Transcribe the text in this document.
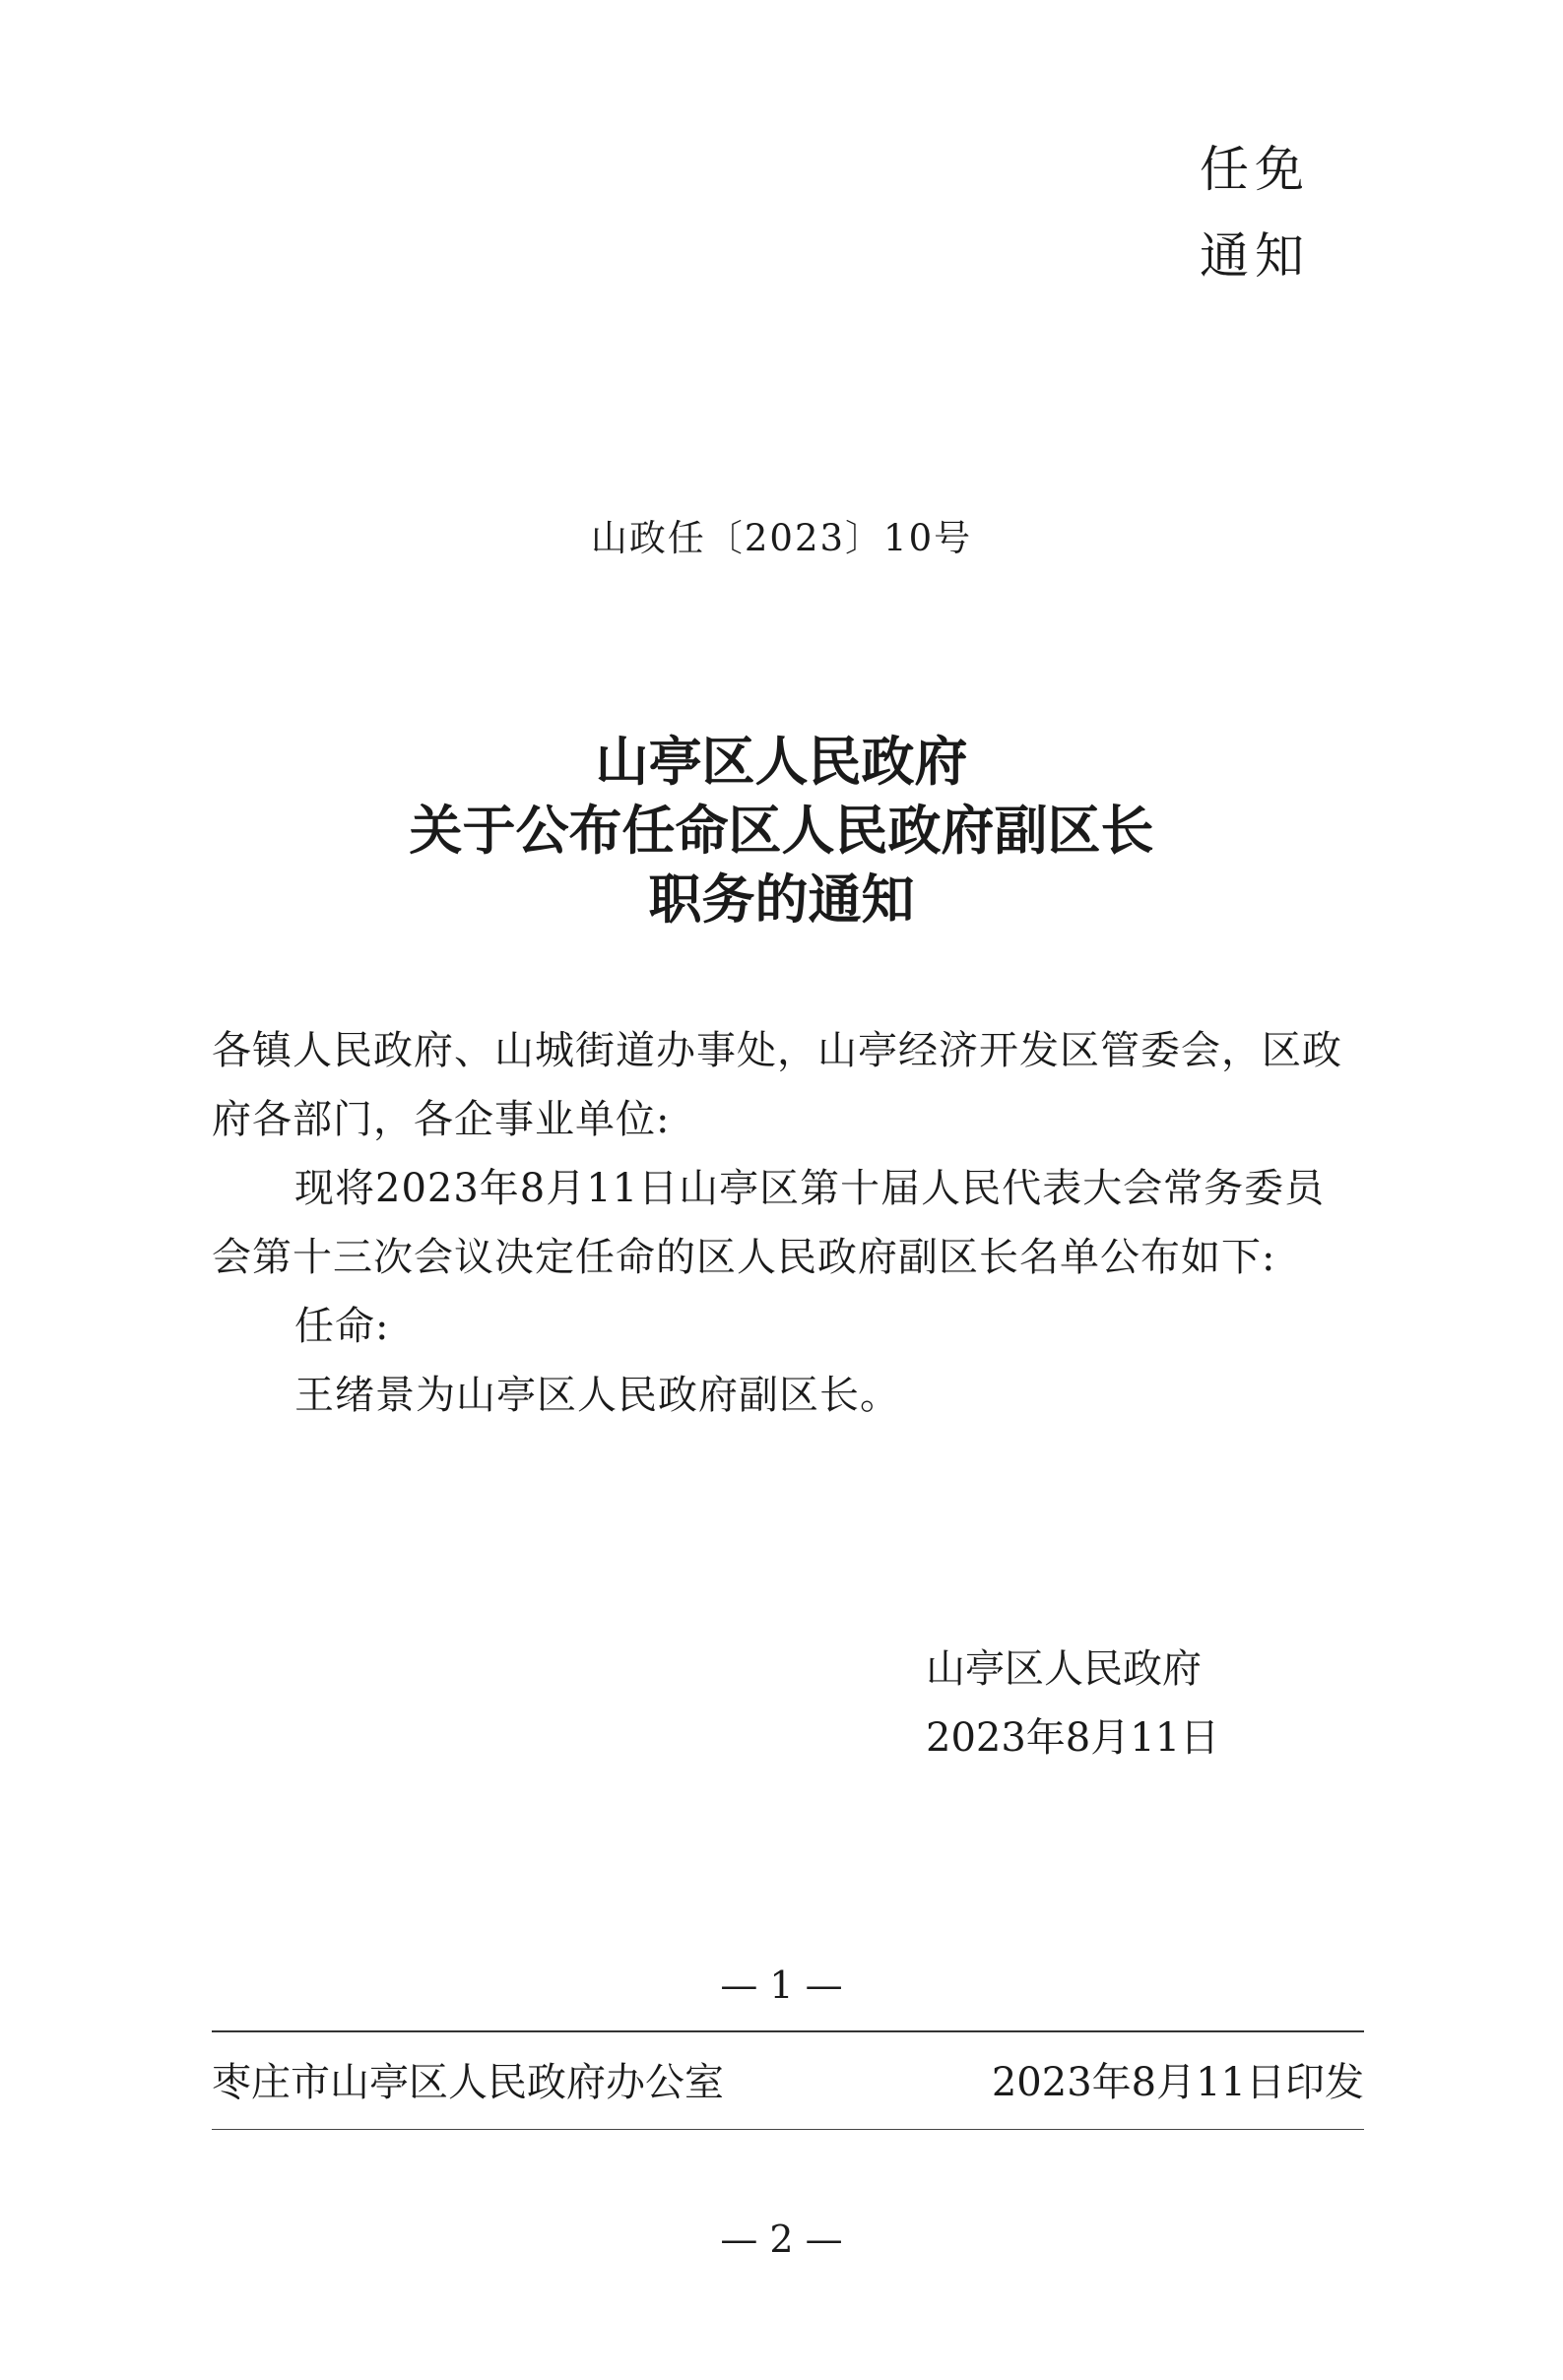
任免
通知
山政任〔2023〕10号
山亭区人民政府
关于公布任命区人民政府副区长
职务的通知

各镇人民政府、山城街道办事处，山亭经济开发区管委会，区政府各部门，各企事业单位:

现将2023年8月11日山亭区第十届人民代表大会常务委员会第十三次会议决定任命的区人民政府副区长名单公布如下:

任命:

王绪景为山亭区人民政府副区长。

山亭区人民政府
2023年8月11日
— 1 —
枣庄市山亭区人民政府办公室	2023年8月11日印发
— 2 —
